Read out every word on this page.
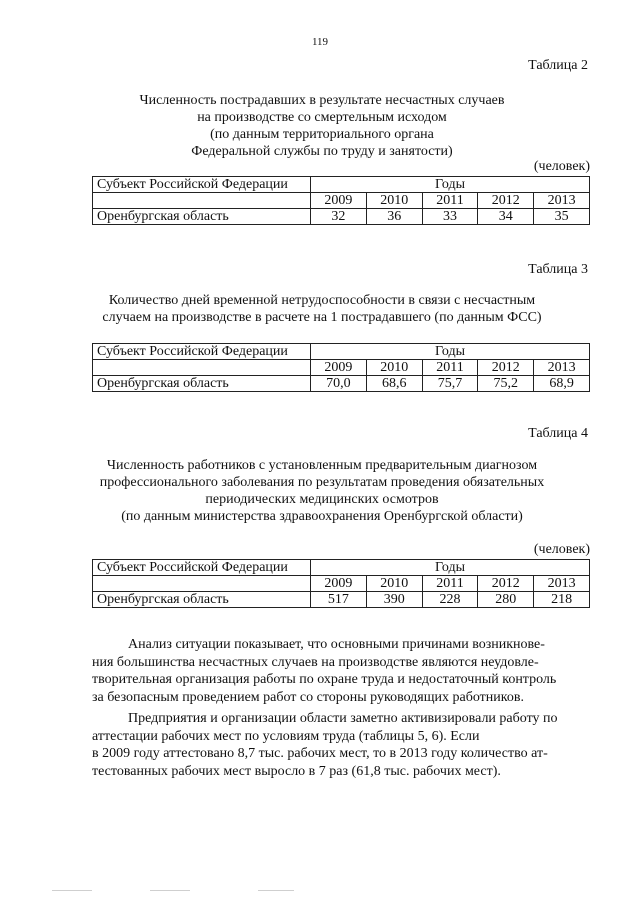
119
Таблица 2
Численность пострадавших в результате несчастных случаев
на производстве со смертельным исходом
(по данным территориального органа
Федеральной службы по труду и занятости)
(человек)
Субъект Российской Федерации	Годы				
	2009	2010	2011	2012	2013
Оренбургская область	32	36	33	34	35
Таблица 3
Количество дней временной нетрудоспособности в связи с несчастным
случаем на производстве в расчете на 1 пострадавшего (по данным ФСС)
Субъект Российской Федерации	Годы				
	2009	2010	2011	2012	2013
Оренбургская область	70,0	68,6	75,7	75,2	68,9
Таблица 4
Численность работников с установленным предварительным диагнозом
профессионального заболевания по результатам проведения обязательных
периодических медицинских осмотров
(по данным министерства здравоохранения Оренбургской области)
(человек)
Субъект Российской Федерации	Годы				
	2009	2010	2011	2012	2013
Оренбургская область	517	390	228	280	218
Анализ ситуации показывает, что основными причинами возникнове-
ния большинства несчастных случаев на производстве являются неудовле-
творительная организация работы по охране труда и недостаточный контроль
за безопасным проведением работ со стороны руководящих работников.
Предприятия и организации области заметно активизировали работу по
аттестации рабочих мест по условиям труда (таблицы 5, 6). Если
в 2009 году аттестовано 8,7 тыс. рабочих мест, то в 2013 году количество ат-
тестованных рабочих мест выросло в 7 раз (61,8 тыс. рабочих мест).
